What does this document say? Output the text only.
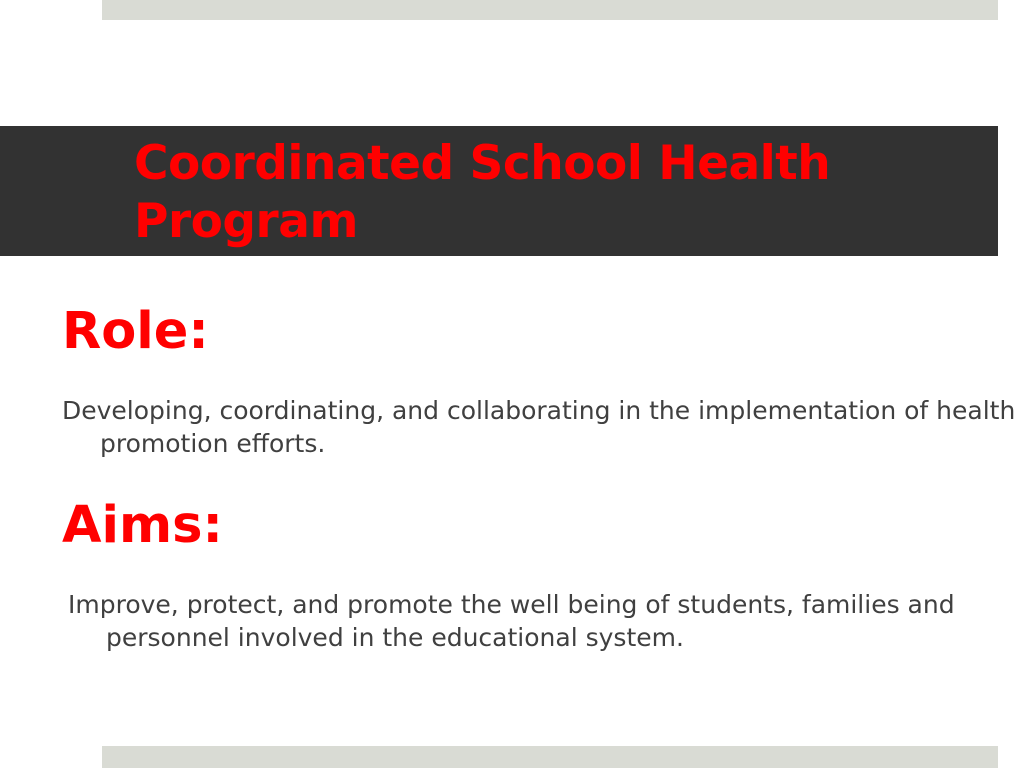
Coordinated School Health Program
Role:

Developing, coordinating, and collaborating in the implementation of health promotion efforts.

Aims:

Improve, protect, and promote the well being of students, families and personnel involved in the educational system.
